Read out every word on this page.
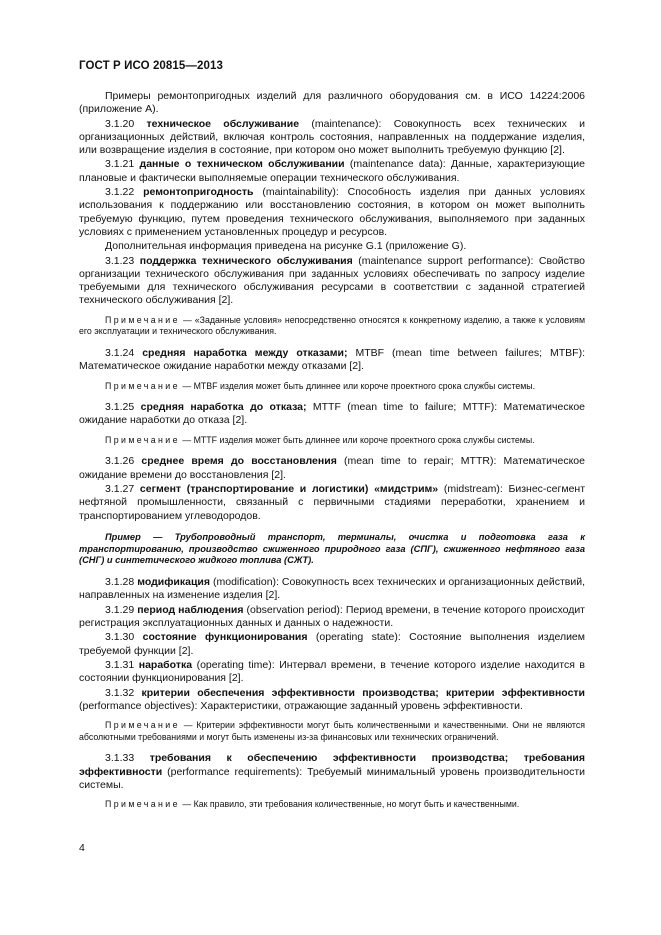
ГОСТ Р ИСО 20815—2013

Примеры ремонтопригодных изделий для различного оборудования см. в ИСО 14224:2006 (приложение А).

3.1.20 техническое обслуживание (maintenance): Совокупность всех технических и организационных действий, включая контроль состояния, направленных на поддержание изделия, или возвращение изделия в состояние, при котором оно может выполнить требуемую функцию [2].

3.1.21 данные о техническом обслуживании (maintenance data): Данные, характеризующие плановые и фактически выполняемые операции технического обслуживания.

3.1.22 ремонтопригодность (maintainability): Способность изделия при данных условиях использования к поддержанию или восстановлению состояния, в котором он может выполнить требуемую функцию, путем проведения технического обслуживания, выполняемого при заданных условиях с применением установленных процедур и ресурсов.

Дополнительная информация приведена на рисунке G.1 (приложение G).

3.1.23 поддержка технического обслуживания (maintenance support performance): Свойство организации технического обслуживания при заданных условиях обеспечивать по запросу изделие требуемыми для технического обслуживания ресурсами в соответствии с заданной стратегией технического обслуживания [2].

Примечание — «Заданные условия» непосредственно относятся к конкретному изделию, а также к условиям его эксплуатации и технического обслуживания.

3.1.24 средняя наработка между отказами; MTBF (mean time between failures; MTBF): Математическое ожидание наработки между отказами [2].

Примечание — MTBF изделия может быть длиннее или короче проектного срока службы системы.

3.1.25 средняя наработка до отказа; MTTF (mean time to failure; MTTF): Математическое ожидание наработки до отказа [2].

Примечание — MTTF изделия может быть длиннее или короче проектного срока службы системы.

3.1.26 среднее время до восстановления (mean time to repair; MTTR): Математическое ожидание времени до восстановления [2].

3.1.27 сегмент (транспортирование и логистики) «мидстрим» (midstream): Бизнес-сегмент нефтяной промышленности, связанный с первичными стадиями переработки, хранением и транспортированием углеводородов.

Пример — Трубопроводный транспорт, терминалы, очистка и подготовка газа к транспортированию, производство сжиженного природного газа (СПГ), сжиженного нефтяного газа (СНГ) и синтетического жидкого топлива (СЖТ).

3.1.28 модификация (modification): Совокупность всех технических и организационных действий, направленных на изменение изделия [2].

3.1.29 период наблюдения (observation period): Период времени, в течение которого происходит регистрация эксплуатационных данных и данных о надежности.

3.1.30 состояние функционирования (operating state): Состояние выполнения изделием требуемой функции [2].

3.1.31 наработка (operating time): Интервал времени, в течение которого изделие находится в состоянии функционирования [2].

3.1.32 критерии обеспечения эффективности производства; критерии эффективности (performance objectives): Характеристики, отражающие заданный уровень эффективности.

Примечание — Критерии эффективности могут быть количественными и качественными. Они не являются абсолютными требованиями и могут быть изменены из-за финансовых или технических ограничений.

3.1.33 требования к обеспечению эффективности производства; требования эффективности (performance requirements): Требуемый минимальный уровень производительности системы.

Примечание — Как правило, эти требования количественные, но могут быть и качественными.

4
